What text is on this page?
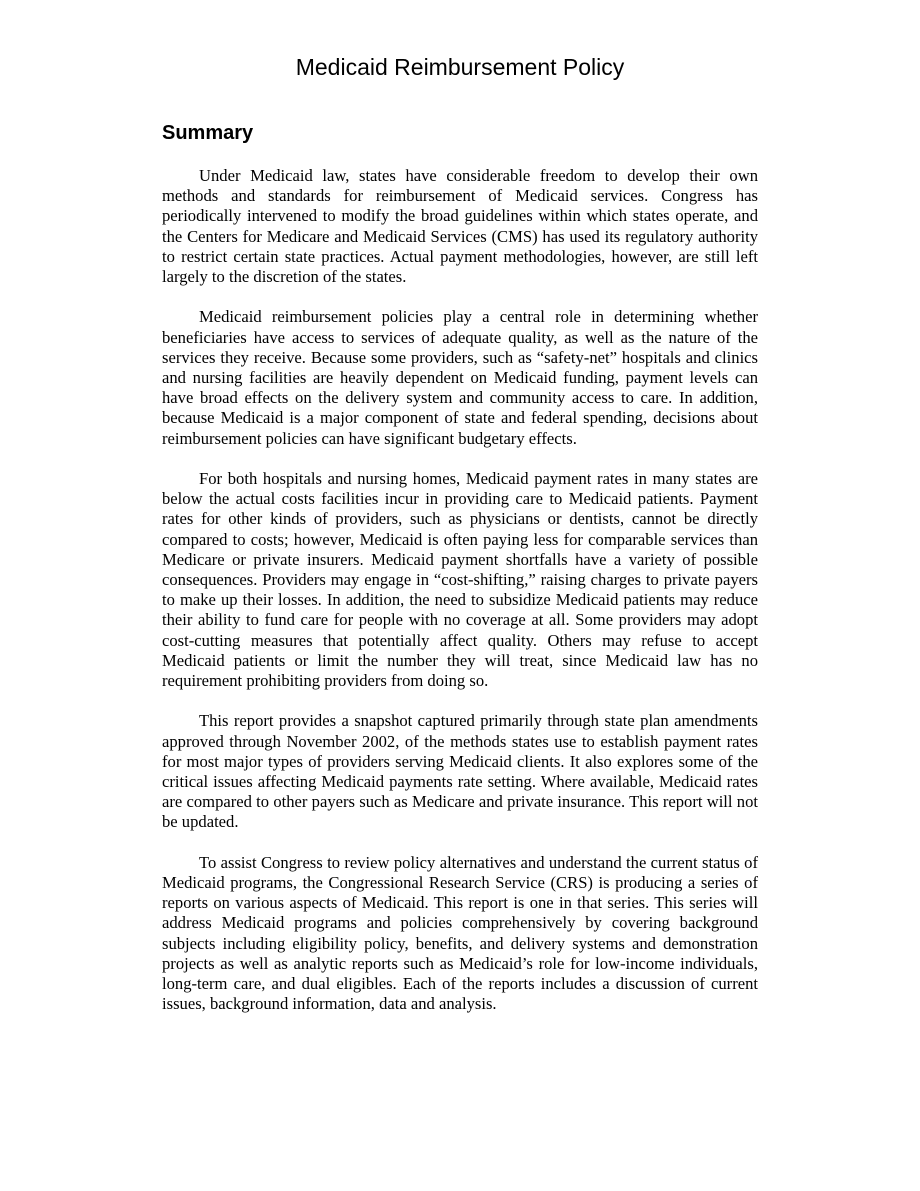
Medicaid Reimbursement Policy
Summary

Under Medicaid law, states have considerable freedom to develop their own methods and standards for reimbursement of Medicaid services. Congress has periodically intervened to modify the broad guidelines within which states operate, and the Centers for Medicare and Medicaid Services (CMS) has used its regulatory authority to restrict certain state practices. Actual payment methodologies, however, are still left largely to the discretion of the states.

Medicaid reimbursement policies play a central role in determining whether beneficiaries have access to services of adequate quality, as well as the nature of the services they receive. Because some providers, such as “safety-net” hospitals and clinics and nursing facilities are heavily dependent on Medicaid funding, payment levels can have broad effects on the delivery system and community access to care. In addition, because Medicaid is a major component of state and federal spending, decisions about reimbursement policies can have significant budgetary effects.

For both hospitals and nursing homes, Medicaid payment rates in many states are below the actual costs facilities incur in providing care to Medicaid patients. Payment rates for other kinds of providers, such as physicians or dentists, cannot be directly compared to costs; however, Medicaid is often paying less for comparable services than Medicare or private insurers. Medicaid payment shortfalls have a variety of possible consequences. Providers may engage in “cost-shifting,” raising charges to private payers to make up their losses. In addition, the need to subsidize Medicaid patients may reduce their ability to fund care for people with no coverage at all. Some providers may adopt cost-cutting measures that potentially affect quality. Others may refuse to accept Medicaid patients or limit the number they will treat, since Medicaid law has no requirement prohibiting providers from doing so.

This report provides a snapshot captured primarily through state plan amendments approved through November 2002, of the methods states use to establish payment rates for most major types of providers serving Medicaid clients. It also explores some of the critical issues affecting Medicaid payments rate setting. Where available, Medicaid rates are compared to other payers such as Medicare and private insurance. This report will not be updated.

To assist Congress to review policy alternatives and understand the current status of Medicaid programs, the Congressional Research Service (CRS) is producing a series of reports on various aspects of Medicaid. This report is one in that series. This series will address Medicaid programs and policies comprehensively by covering background subjects including eligibility policy, benefits, and delivery systems and demonstration projects as well as analytic reports such as Medicaid’s role for low-income individuals, long-term care, and dual eligibles. Each of the reports includes a discussion of current issues, background information, data and analysis.
